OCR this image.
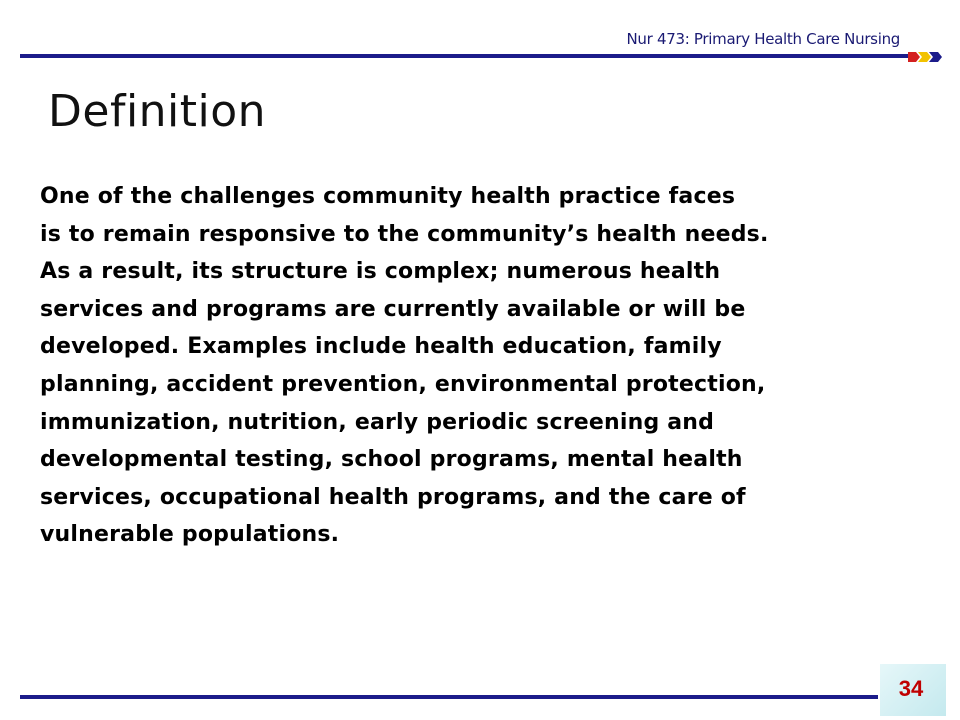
Nur 473: Primary Health Care Nursing
Definition
One of the challenges community health practice faces
is to remain responsive to the community’s health needs.
As a result, its structure is complex; numerous health
services and programs are currently available or will be
developed. Examples include health education, family
planning, accident prevention, environmental protection,
immunization, nutrition, early periodic screening and
developmental testing, school programs, mental health
services, occupational health programs, and the care of
vulnerable populations.
34
